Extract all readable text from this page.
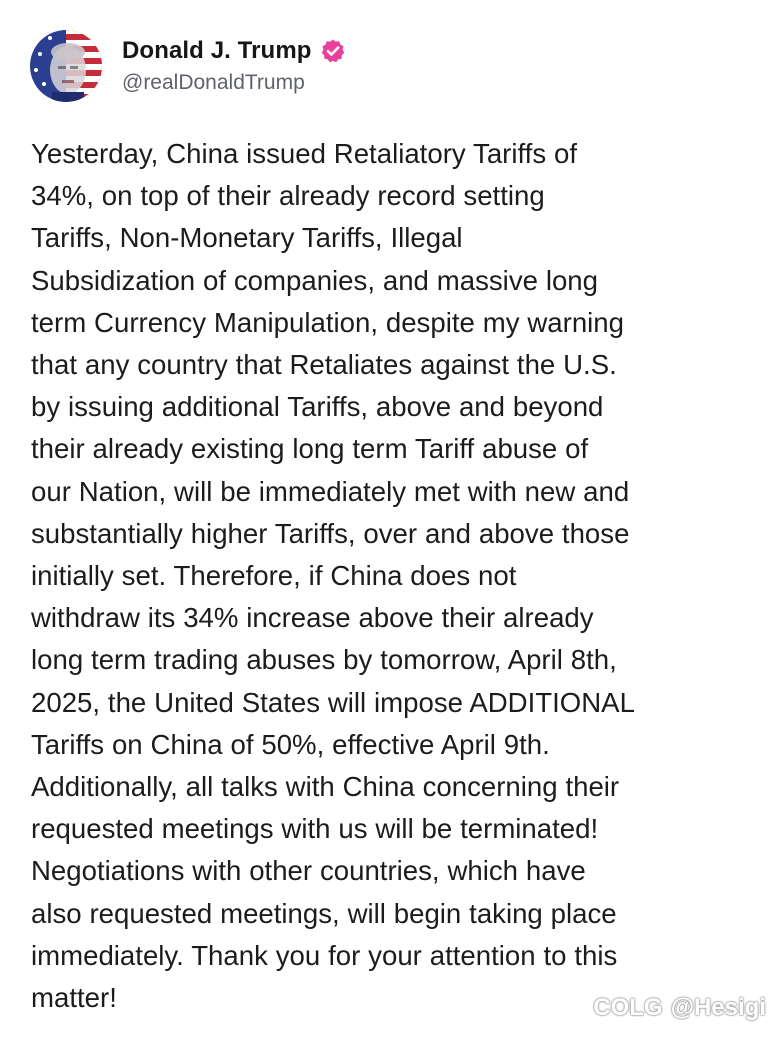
Donald J. Trump
@realDonaldTrump
Yesterday, China issued Retaliatory Tariffs of
34%, on top of their already record setting
Tariffs, Non-Monetary Tariffs, Illegal
Subsidization of companies, and massive long
term Currency Manipulation, despite my warning
that any country that Retaliates against the U.S.
by issuing additional Tariffs, above and beyond
their already existing long term Tariff abuse of
our Nation, will be immediately met with new and
substantially higher Tariffs, over and above those
initially set. Therefore, if China does not
withdraw its 34% increase above their already
long term trading abuses by tomorrow, April 8th,
2025, the United States will impose ADDITIONAL
Tariffs on China of 50%, effective April 9th.
Additionally, all talks with China concerning their
requested meetings with us will be terminated!
Negotiations with other countries, which have
also requested meetings, will begin taking place
immediately. Thank you for your attention to this
matter!	COLG @Hesigi
